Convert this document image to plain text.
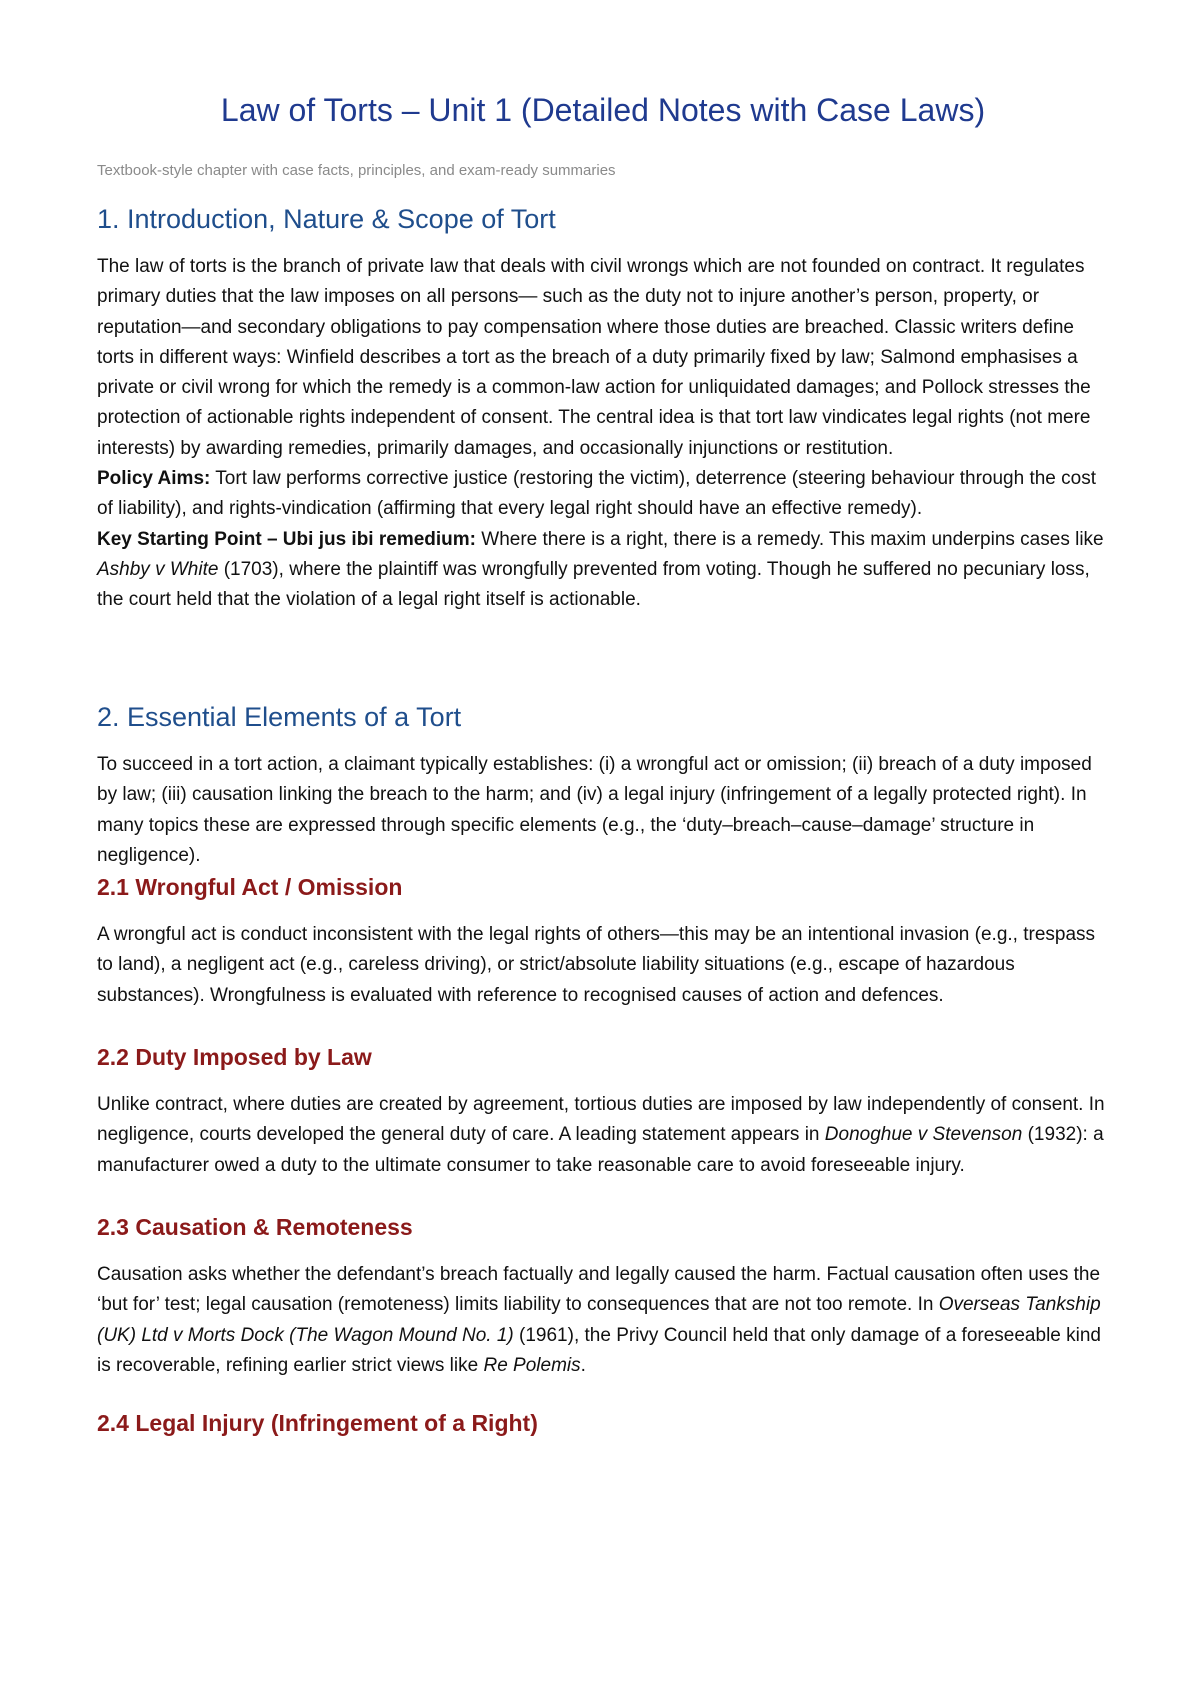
Law of Torts – Unit 1 (Detailed Notes with Case Laws)

Textbook-style chapter with case facts, principles, and exam-ready summaries

1. Introduction, Nature & Scope of Tort

The law of torts is the branch of private law that deals with civil wrongs which are not founded on contract. It regulates primary duties that the law imposes on all persons— such as the duty not to injure another’s person, property, or reputation—and secondary obligations to pay compensation where those duties are breached. Classic writers define torts in different ways: Winfield describes a tort as the breach of a duty primarily fixed by law; Salmond emphasises a private or civil wrong for which the remedy is a common-law action for unliquidated damages; and Pollock stresses the protection of actionable rights independent of consent. The central idea is that tort law vindicates legal rights (not mere interests) by awarding remedies, primarily damages, and occasionally injunctions or restitution.
Policy Aims: Tort law performs corrective justice (restoring the victim), deterrence (steering behaviour through the cost of liability), and rights-vindication (affirming that every legal right should have an effective remedy).
Key Starting Point – Ubi jus ibi remedium: Where there is a right, there is a remedy. This maxim underpins cases like Ashby v White (1703), where the plaintiff was wrongfully prevented from voting. Though he suffered no pecuniary loss, the court held that the violation of a legal right itself is actionable.

2. Essential Elements of a Tort

To succeed in a tort action, a claimant typically establishes: (i) a wrongful act or omission; (ii) breach of a duty imposed by law; (iii) causation linking the breach to the harm; and (iv) a legal injury (infringement of a legally protected right). In many topics these are expressed through specific elements (e.g., the ‘duty–breach–cause–damage’ structure in negligence).

2.1 Wrongful Act / Omission

A wrongful act is conduct inconsistent with the legal rights of others—this may be an intentional invasion (e.g., trespass to land), a negligent act (e.g., careless driving), or strict/absolute liability situations (e.g., escape of hazardous substances). Wrongfulness is evaluated with reference to recognised causes of action and defences.

2.2 Duty Imposed by Law

Unlike contract, where duties are created by agreement, tortious duties are imposed by law independently of consent. In negligence, courts developed the general duty of care. A leading statement appears in Donoghue v Stevenson (1932): a manufacturer owed a duty to the ultimate consumer to take reasonable care to avoid foreseeable injury.

2.3 Causation & Remoteness

Causation asks whether the defendant’s breach factually and legally caused the harm. Factual causation often uses the ‘but for’ test; legal causation (remoteness) limits liability to consequences that are not too remote. In Overseas Tankship (UK) Ltd v Morts Dock (The Wagon Mound No. 1) (1961), the Privy Council held that only damage of a foreseeable kind is recoverable, refining earlier strict views like Re Polemis.

2.4 Legal Injury (Infringement of a Right)
